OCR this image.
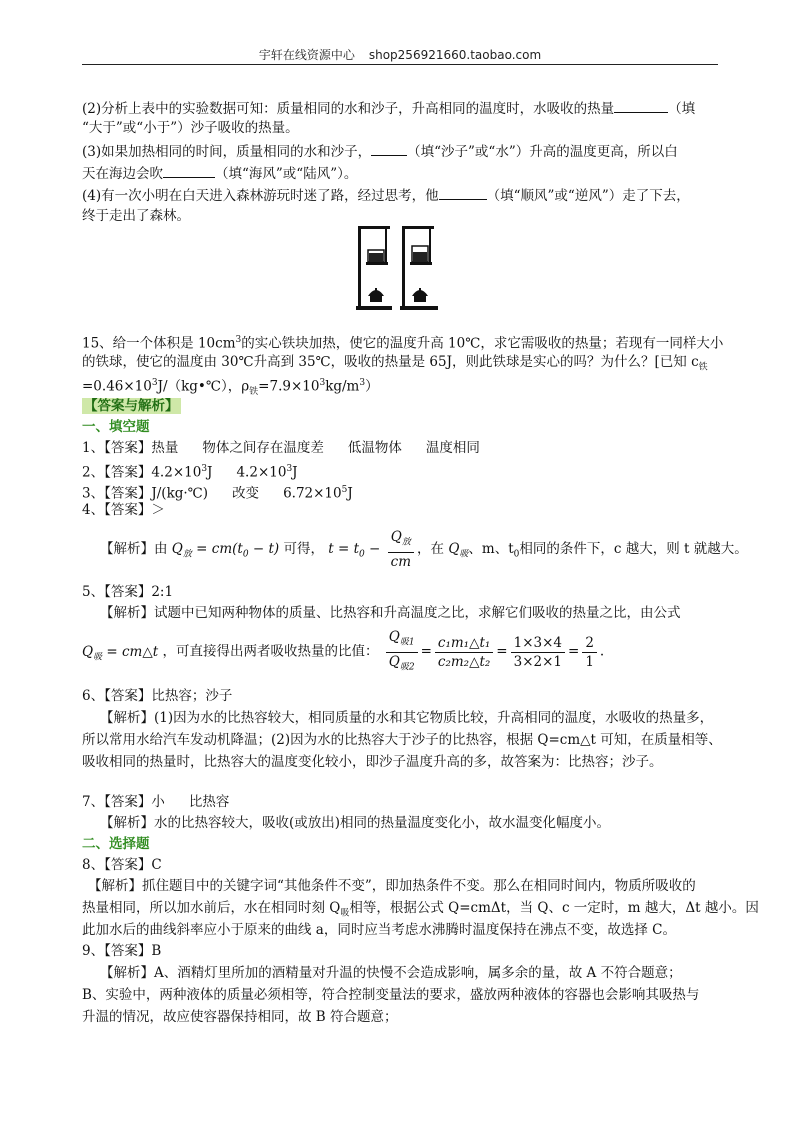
宇轩在线资源中心 shop256921660.taobao.com
(2)分析上表中的实验数据可知：质量相同的水和沙子，升高相同的温度时，水吸收的热量	（填
“大于”或“小于”）沙子吸收的热量。
(3)如果加热相同的时间，质量相同的水和沙子，	（填“沙子”或“水”）升高的温度更高，所以白
天在海边会吹	（填“海风”或“陆风”）。
(4)有一次小明在白天进入森林游玩时迷了路，经过思考，他	（填“顺风”或“逆风”）走了下去，
终于走出了森林。
15、给一个体积是 $10cm^3$的实心铁块加热，使它的温度升高 10℃，求它需吸收的热量；若现有一同样大小
的铁球，使它的温度由 30℃升高到 35℃，吸收的热量是 65J，则此铁球是实心的吗？为什么？[已知 $c_铁$
$=0.46\times 10^3J/(kg•℃)$，$\rho_铁=7.9\times 10^3kg/m^3$）
【答案与解析】
一、填空题
1、【答案】热量 物体之间存在温度差 低温物体 温度相同
2、【答案】$4.2\times 10^3J$ $4.2\times 10^3J$
3、【答案】J/(kg·℃) 改变 $6.72\times 10^5J$
4、【答案】＞
【解析】由 $Q_放 = cm(t_0 - t)$ 可得， $t = t_0 - \frac{Q_放}{cm}$ ，在 $Q_吸$、m、$t_0$相同的条件下，c 越大，则 t 就越大。
5、【答案】2:1
【解析】试题中已知两种物体的质量、比热容和升高温度之比，求解它们吸收的热量之比，由公式
$Q_吸$ = cm△t ，可直接得出两者吸收热量的比值： $\frac{Q_{吸1}}{Q_{吸2}} = \frac{\text{c₁m₁△t₁}}{\text{c₂m₂△t₂}} = \frac{1\times 3\times 4}{3\times 2\times 1} = \frac{2}{1}$ .
6、【答案】比热容；沙子
【解析】(1)因为水的比热容较大，相同质量的水和其它物质比较，升高相同的温度，水吸收的热量多，
所以常用水给汽车发动机降温；(2)因为水的比热容大于沙子的比热容，根据 Q=cm△t 可知，在质量相等、
吸收相同的热量时，比热容大的温度变化较小，即沙子温度升高的多，故答案为：比热容；沙子。
7、【答案】小 比热容
【解析】水的比热容较大，吸收(或放出)相同的热量温度变化小，故水温变化幅度小。
二、选择题
8、【答案】C
【解析】抓住题目中的关键字词“其他条件不变”，即加热条件不变。那么在相同时间内，物质所吸收的
热量相同，所以加水前后，水在相同时刻 $Q_吸$相等，根据公式 Q=cmΔt，当 Q、c 一定时，m 越大，Δt 越小。因
此加水后的曲线斜率应小于原来的曲线 a，同时应当考虑水沸腾时温度保持在沸点不变，故选择 C。
9、【答案】B
【解析】A、酒精灯里所加的酒精量对升温的快慢不会造成影响，属多余的量，故 A 不符合题意；
B、实验中，两种液体的质量必须相等，符合控制变量法的要求，盛放两种液体的容器也会影响其吸热与
升温的情况，故应使容器保持相同，故 B 符合题意；
